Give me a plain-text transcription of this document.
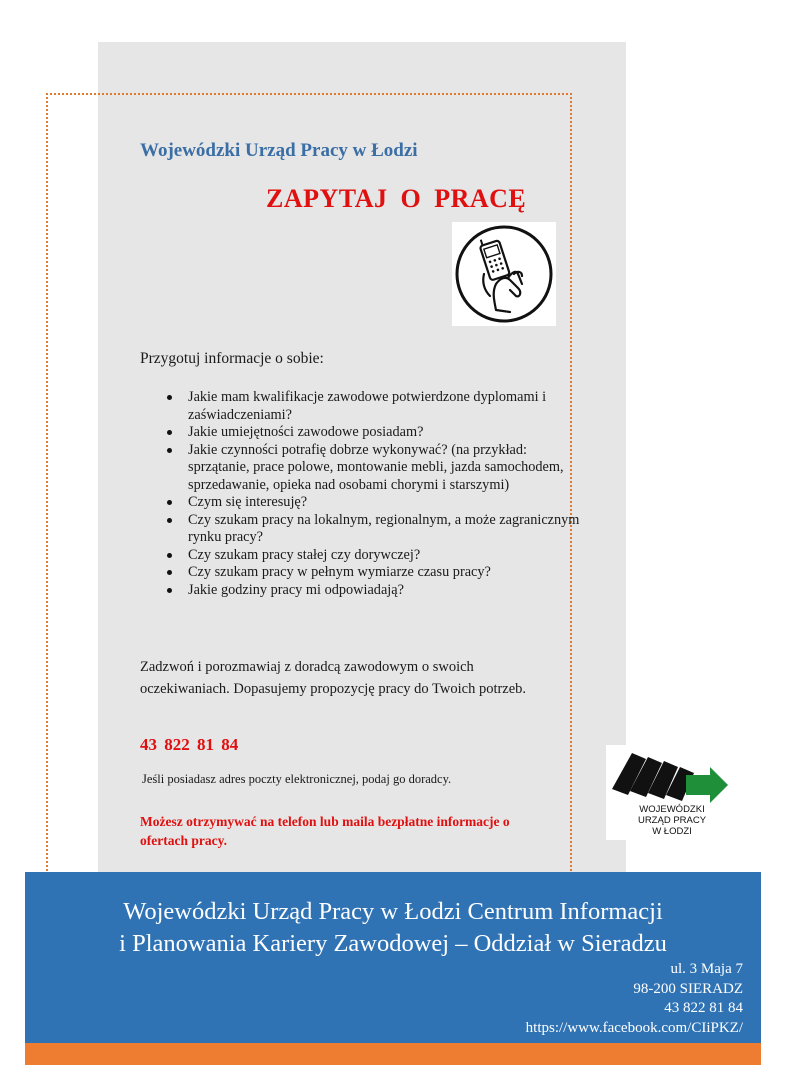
Wojewódzki Urząd Pracy w Łodzi
ZAPYTAJ O PRACĘ
Przygotuj informacje o sobie:
Jakie mam kwalifikacje zawodowe potwierdzone dyplomami i zaświadczeniami?
Jakie umiejętności zawodowe posiadam?
Jakie czynności potrafię dobrze wykonywać? (na przykład: sprzątanie, prace polowe, montowanie mebli, jazda samochodem, sprzedawanie, opieka nad osobami chorymi i starszymi)
Czym się interesuję?
Czy szukam pracy na lokalnym, regionalnym, a może zagranicznym rynku pracy?
Czy szukam pracy stałej czy dorywczej?
Czy szukam pracy w pełnym wymiarze czasu pracy?
Jakie godziny pracy mi odpowiadają?
Zadzwoń i porozmawiaj z doradcą zawodowym o swoich oczekiwaniach. Dopasujemy propozycję pracy do Twoich potrzeb.
43 822 81 84
Jeśli posiadasz adres poczty elektronicznej, podaj go doradcy.
Możesz otrzymywać na telefon lub maila bezpłatne informacje o ofertach pracy.
WOJEWÓDZKI
URZĄD PRACY
W ŁODZI
Wojewódzki Urząd Pracy w Łodzi Centrum Informacji
i Planowania Kariery Zawodowej – Oddział w Sieradzu
ul. 3 Maja 7
98-200 SIERADZ
43 822 81 84
https://www.facebook.com/CIiPKZ/
